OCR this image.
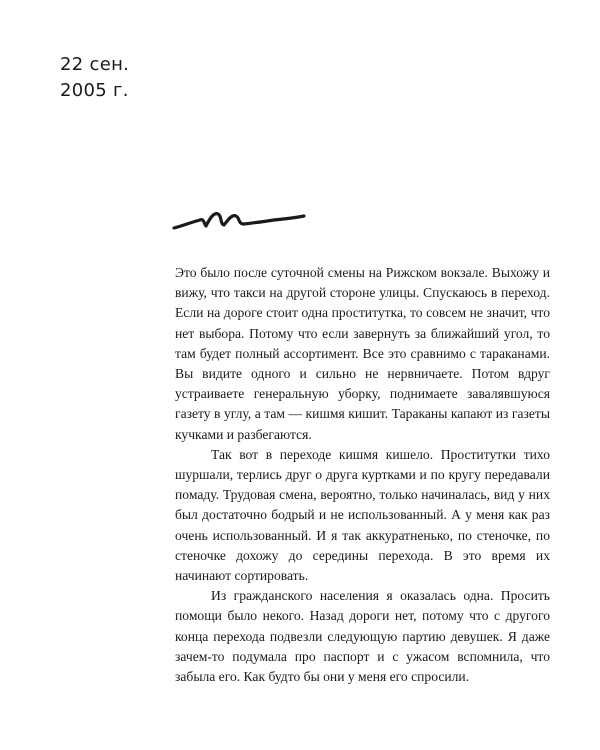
22 сен.
2005 г.

Это было после суточной смены на Рижском вокзале. Выхожу и вижу, что такси на другой стороне улицы. Спускаюсь в переход. Если на дороге стоит одна проститутка, то совсем не значит, что нет выбора. Потому что если завернуть за ближайший угол, то там будет полный ассортимент. Все это сравнимо с тараканами. Вы видите одного и сильно не нервничаете. Потом вдруг устраиваете генеральную уборку, поднимаете завалявшуюся газету в углу, а там — кишмя кишит. Тараканы капают из газеты кучками и разбегаются.

Так вот в переходе кишмя кишело. Проститутки тихо шуршали, терлись друг о друга куртками и по кругу передавали помаду. Трудовая смена, вероятно, только начиналась, вид у них был достаточно бодрый и не использованный. А у меня как раз очень использованный. И я так аккуратненько, по стеночке, по стеночке дохожу до середины перехода. В это время их начинают сортировать.

Из гражданского населения я оказалась одна. Просить помощи было некого. Назад дороги нет, потому что с другого конца перехода подвезли следующую партию девушек. Я даже зачем-то подумала про паспорт и с ужасом вспомнила, что забыла его. Как будто бы они у меня его спросили.
